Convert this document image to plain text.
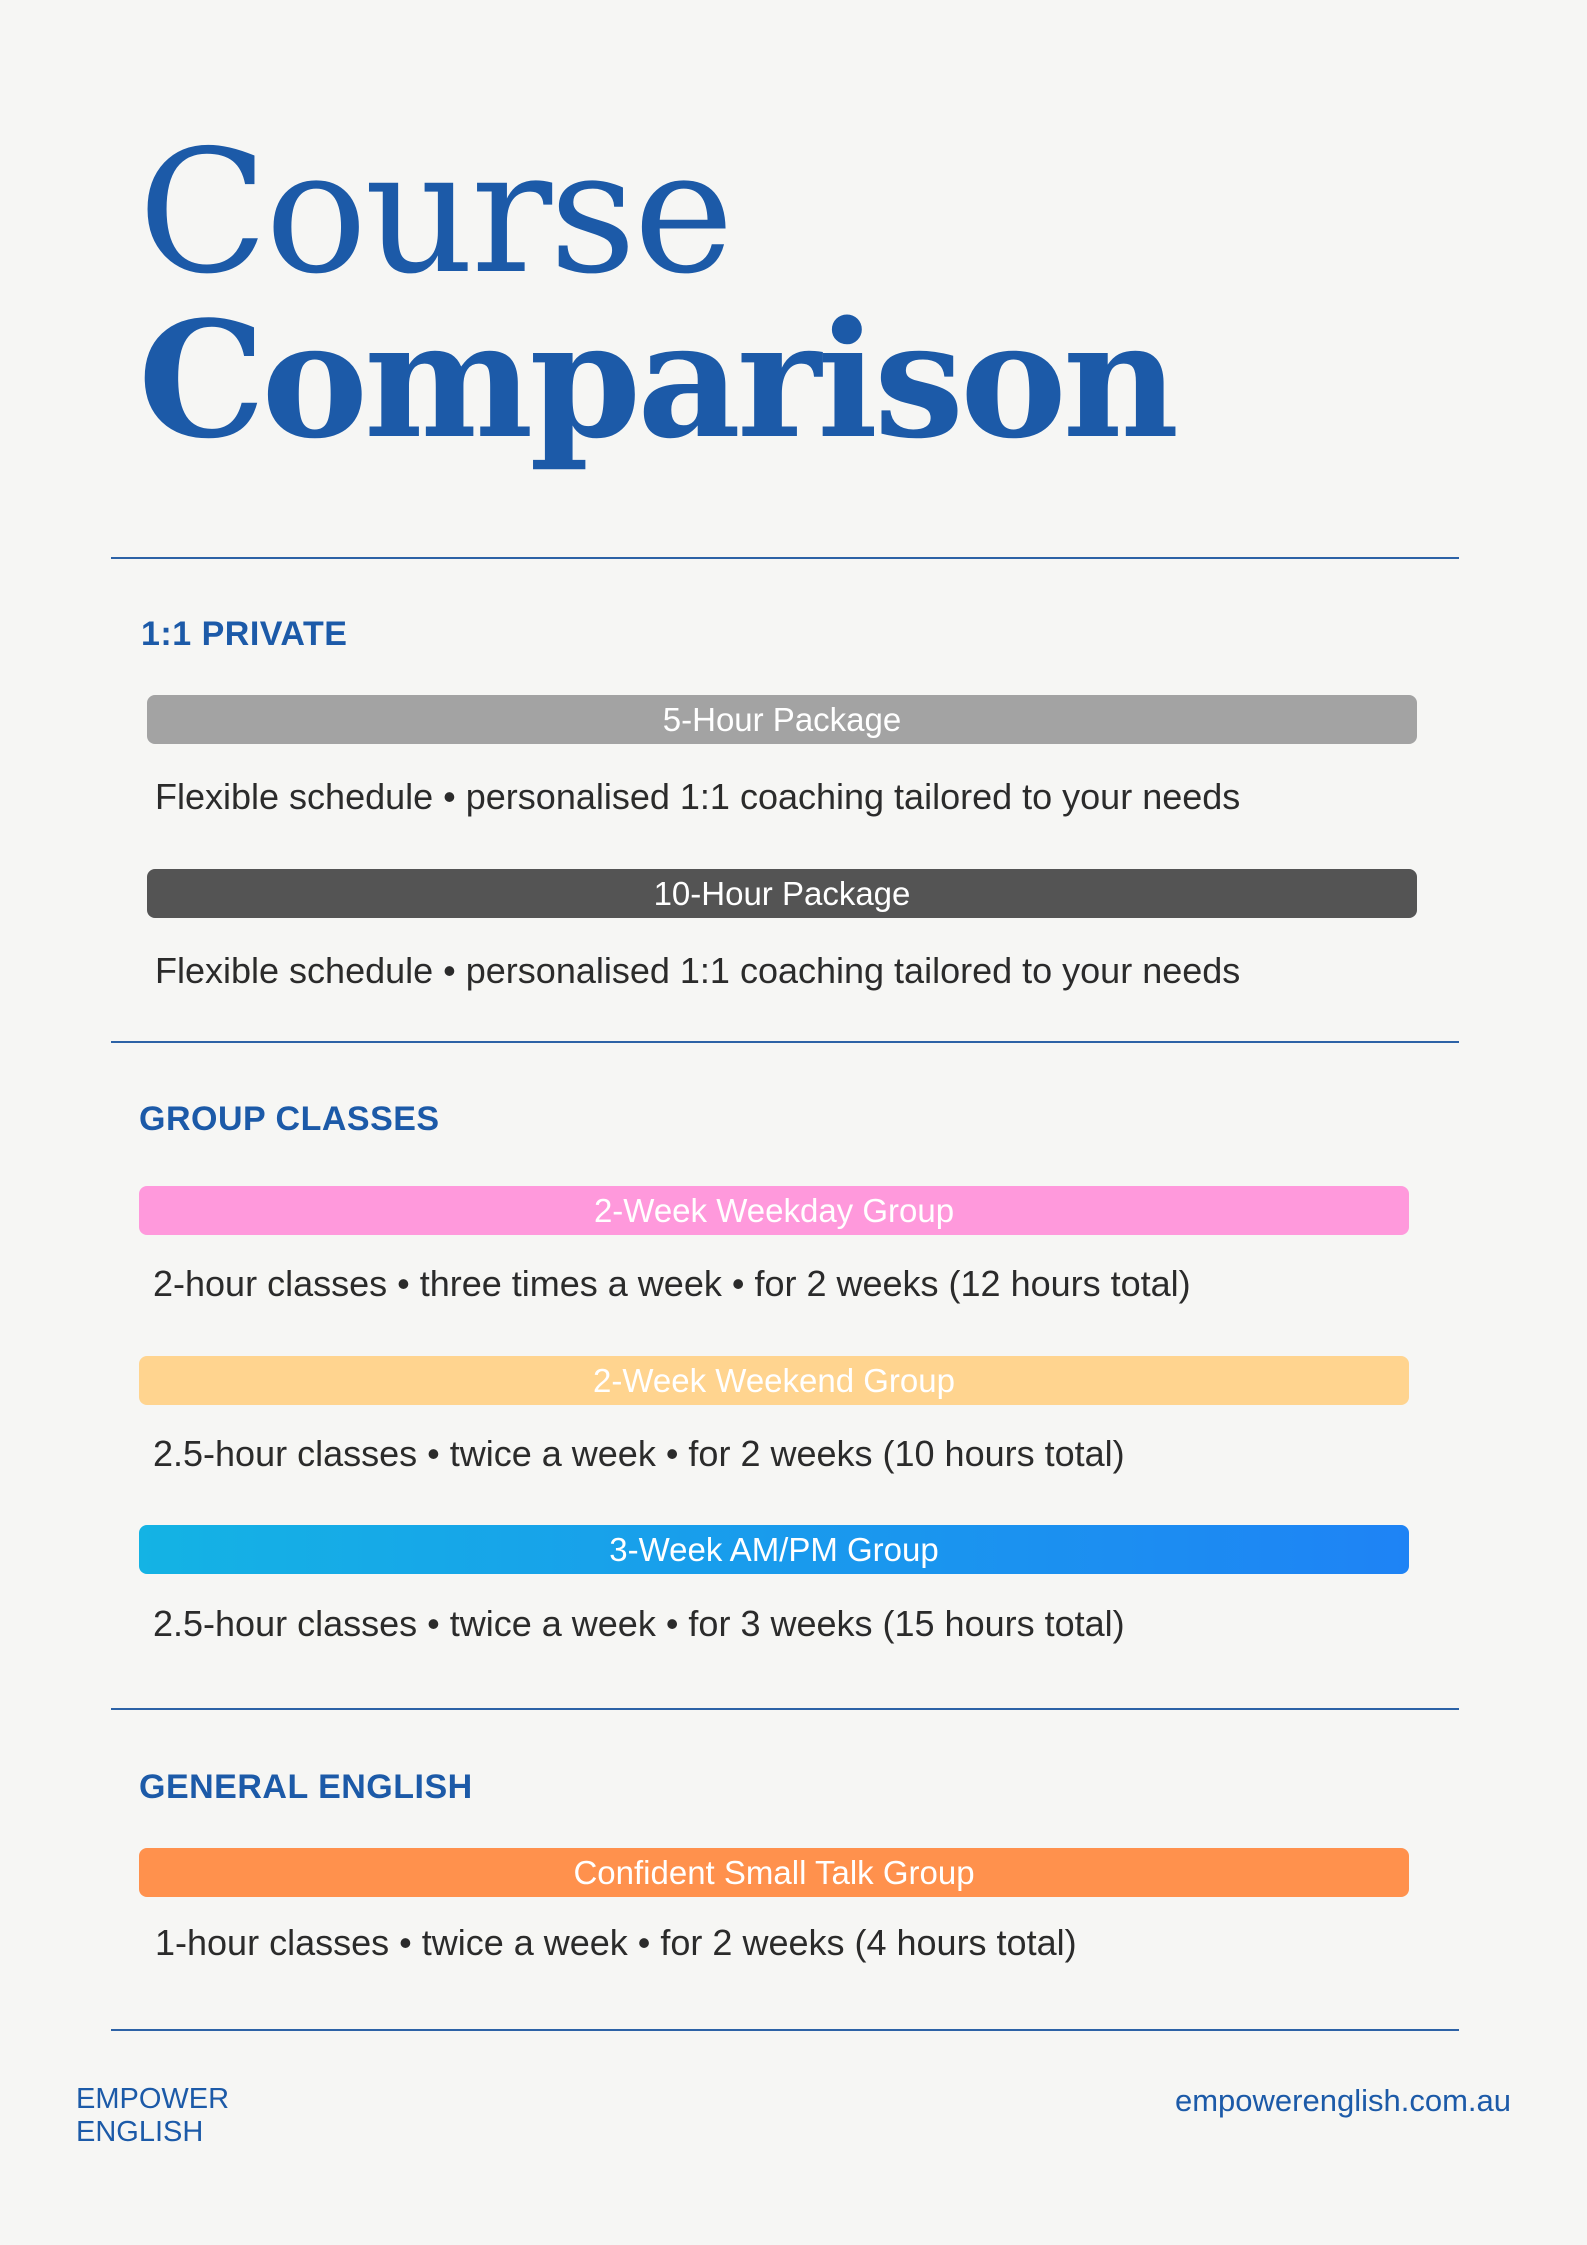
Course
Comparison
1:1 PRIVATE
5-Hour Package
Flexible schedule • personalised 1:1 coaching tailored to your needs
10-Hour Package
Flexible schedule • personalised 1:1 coaching tailored to your needs
GROUP CLASSES
2-Week Weekday Group
2-hour classes • three times a week • for 2 weeks (12 hours total)
2-Week Weekend Group
2.5-hour classes • twice a week • for 2 weeks (10 hours total)
3-Week AM/PM Group
2.5-hour classes • twice a week • for 3 weeks (15 hours total)
GENERAL ENGLISH
Confident Small Talk Group
1-hour classes • twice a week • for 2 weeks (4 hours total)
EMPOWER
ENGLISH
empowerenglish.com.au
